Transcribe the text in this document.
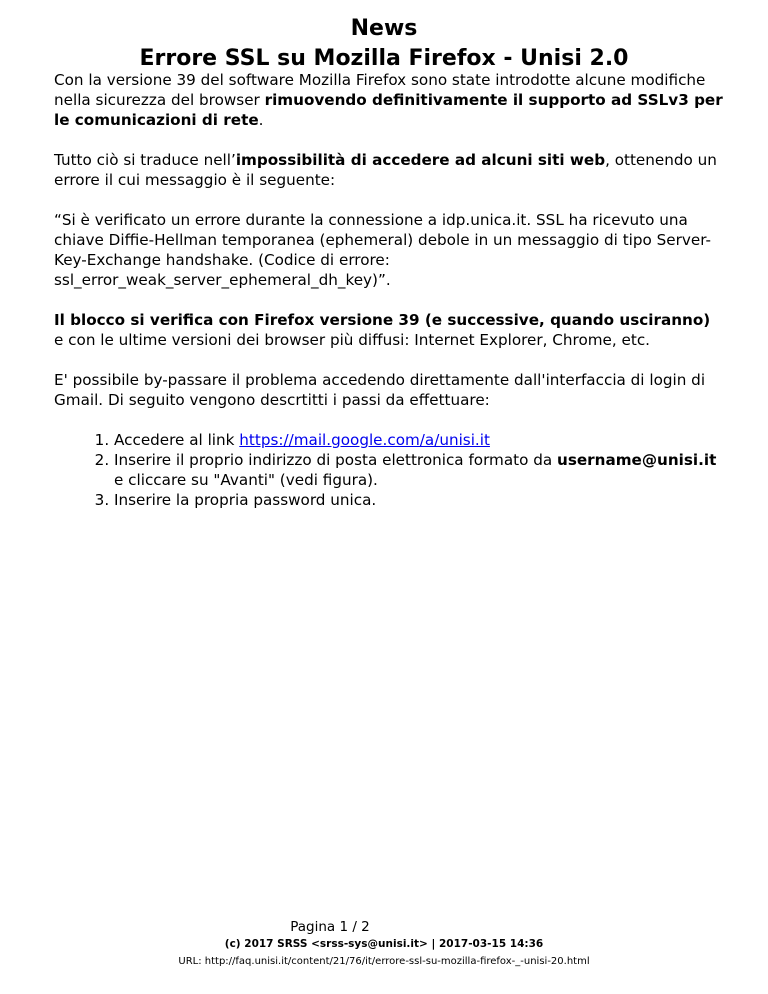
News
Errore SSL su Mozilla Firefox - Unisi 2.0

Con la versione 39 del software Mozilla Firefox sono state introdotte alcune modifiche nella sicurezza del browser rimuovendo definitivamente il supporto ad SSLv3 per le comunicazioni di rete.

Tutto ciò si traduce nell’impossibilità di accedere ad alcuni siti web, ottenendo un errore il cui messaggio è il seguente:

“Si è verificato un errore durante la connessione a idp.unica.it. SSL ha ricevuto una chiave Diffie-Hellman temporanea (ephemeral) debole in un messaggio di tipo Server-Key-Exchange handshake. (Codice di errore: ssl_error_weak_server_ephemeral_dh_key)”.

Il blocco si verifica con Firefox versione 39 (e successive, quando usciranno) e con le ultime versioni dei browser più diffusi: Internet Explorer, Chrome, etc.

E' possibile by-passare il problema accedendo direttamente dall'interfaccia di login di Gmail. Di seguito vengono descrtitti i passi da effettuare:

1. Accedere al link https://mail.google.com/a/unisi.it
2. Inserire il proprio indirizzo di posta elettronica formato da username@unisi.it e cliccare su "Avanti" (vedi figura).
3. Inserire la propria password unica.
Pagina 1 / 2
(c) 2017 SRSS <srss-sys@unisi.it> | 2017-03-15 14:36
URL: http://faq.unisi.it/content/21/76/it/errore-ssl-su-mozilla-firefox-_-unisi-20.html
